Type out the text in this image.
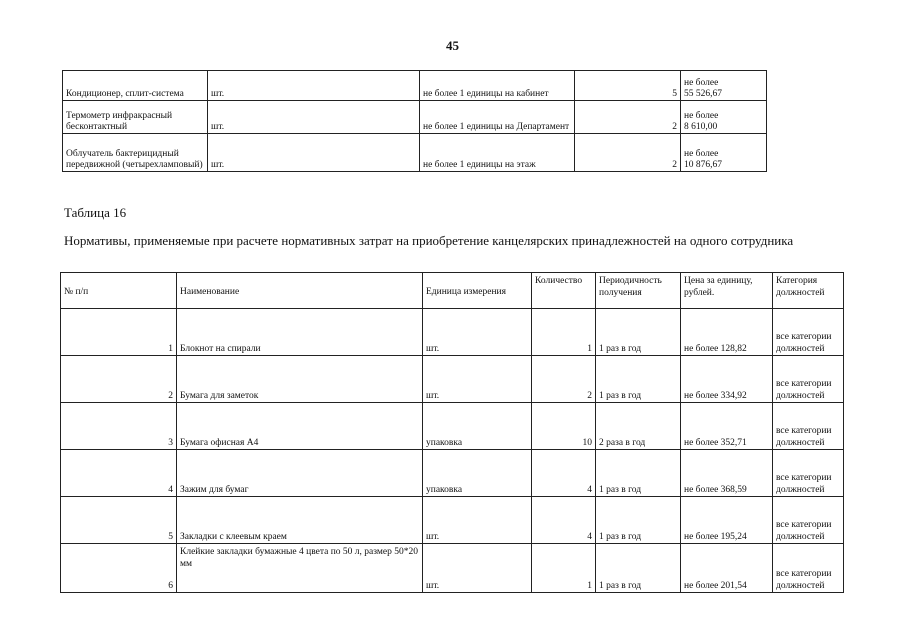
45
Кондиционер, сплит-система	шт.	не более 1 единицы на кабинет	5	не более
55 526,67

Термометр инфракрасный бесконтактный	шт.	не более 1 единицы на Департамент	2	не более
8 610,00

Облучатель бактерицидный передвижной (четырехламповый)	шт.	не более 1 единицы на этаж	2	не более
10 876,67
Таблица 16
Нормативы, применяемые при расчете нормативных затрат на приобретение канцелярских принадлежностей на одного сотрудника
№ п/п	Наименование	Единица измерения	Количество	Периодичность получения	Цена за единицу, рублей.	Категория должностей
1	Блокнот на спирали	шт.	1	1 раз в год	не более 128,82	все категории должностей
2	Бумага для заметок	шт.	2	1 раз в год	не более 334,92	все категории должностей
3	Бумага офисная А4	упаковка	10	2 раза в год	не более 352,71	все категории должностей
4	Зажим для бумаг	упаковка	4	1 раз в год	не более 368,59	все категории должностей
5	Закладки с клеевым краем	шт.	4	1 раз в год	не более 195,24	все категории должностей
6	Клейкие закладки бумажные 4 цвета по 50 л, размер 50*20 мм	шт.	1	1 раз в год	не более 201,54	все категории должностей
